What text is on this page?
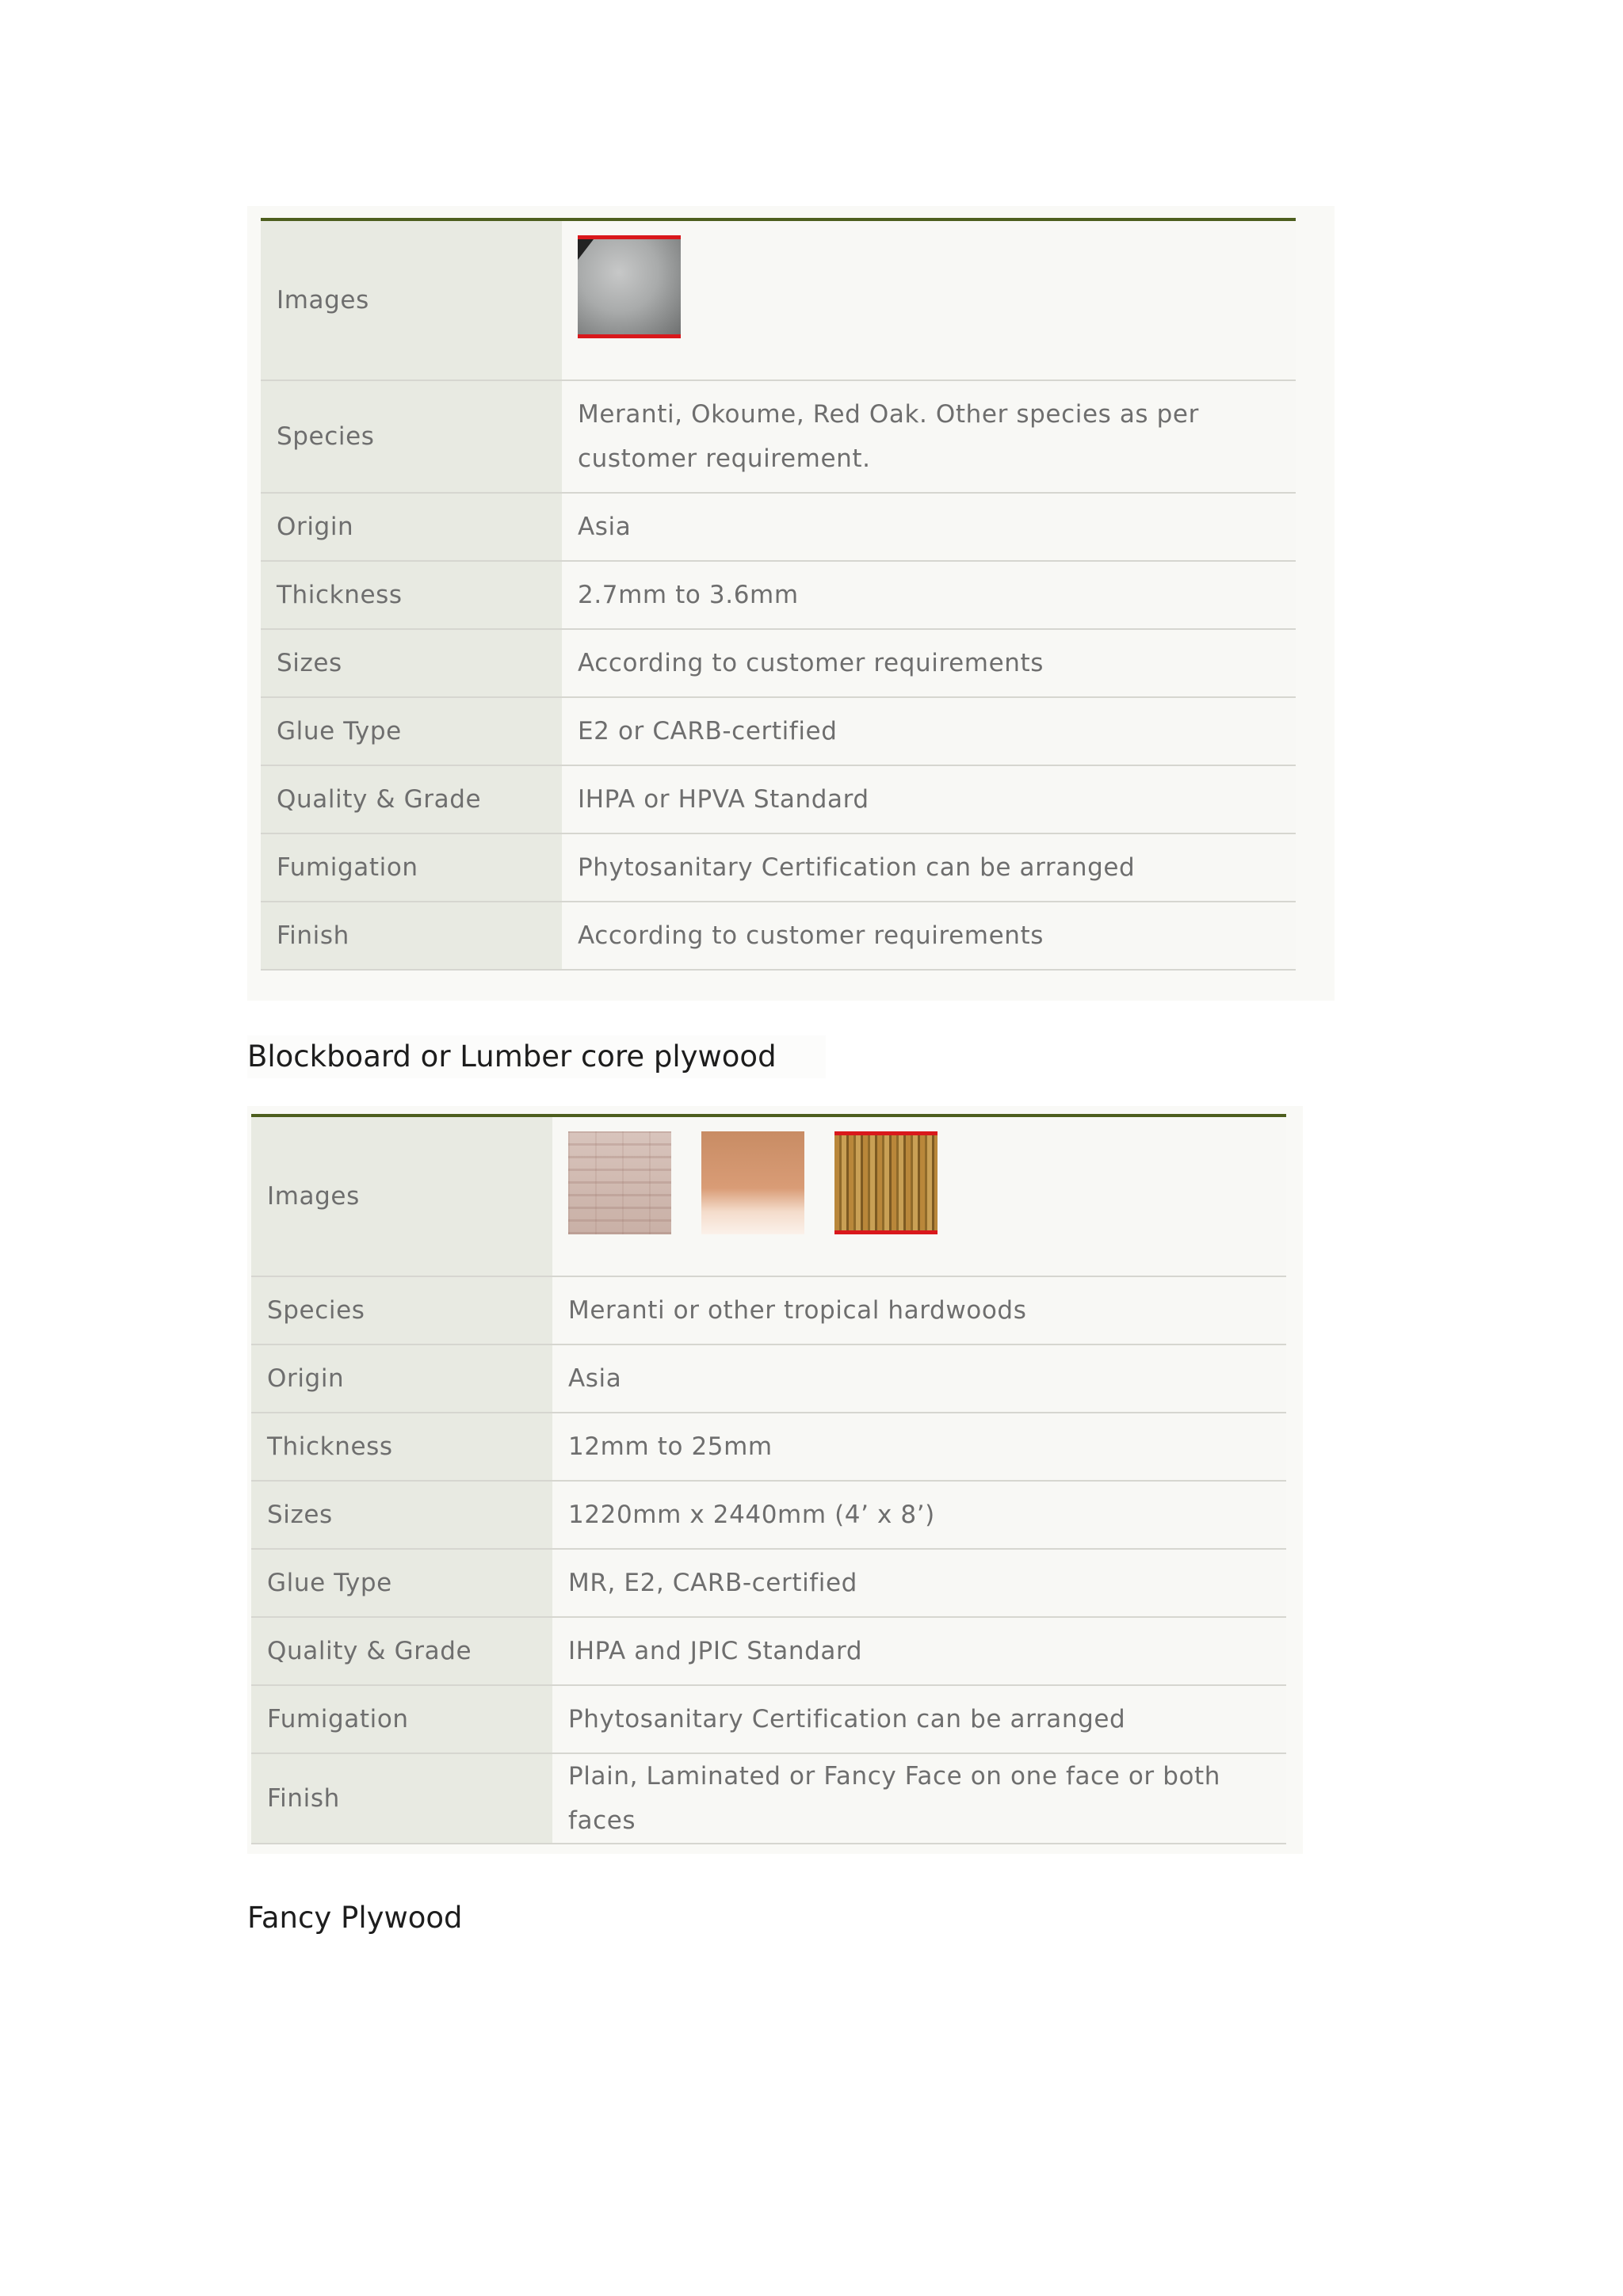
Images	

Species	Meranti, Okoume, Red Oak. Other species as per customer requirement.
Origin	Asia
Thickness	2.7mm to 3.6mm
Sizes	According to customer requirements
Glue Type	E2 or CARB-certified
Quality & Grade	IHPA or HPVA Standard
Fumigation	Phytosanitary Certification can be arranged
Finish	According to customer requirements
Blockboard or Lumber core plywood
Images	

Species	Meranti or other tropical hardwoods
Origin	Asia
Thickness	12mm to 25mm
Sizes	1220mm x 2440mm (4’ x 8’)
Glue Type	MR, E2, CARB-certified
Quality & Grade	IHPA and JPIC Standard
Fumigation	Phytosanitary Certification can be arranged
Finish	Plain, Laminated or Fancy Face on one face or both faces
Fancy Plywood
